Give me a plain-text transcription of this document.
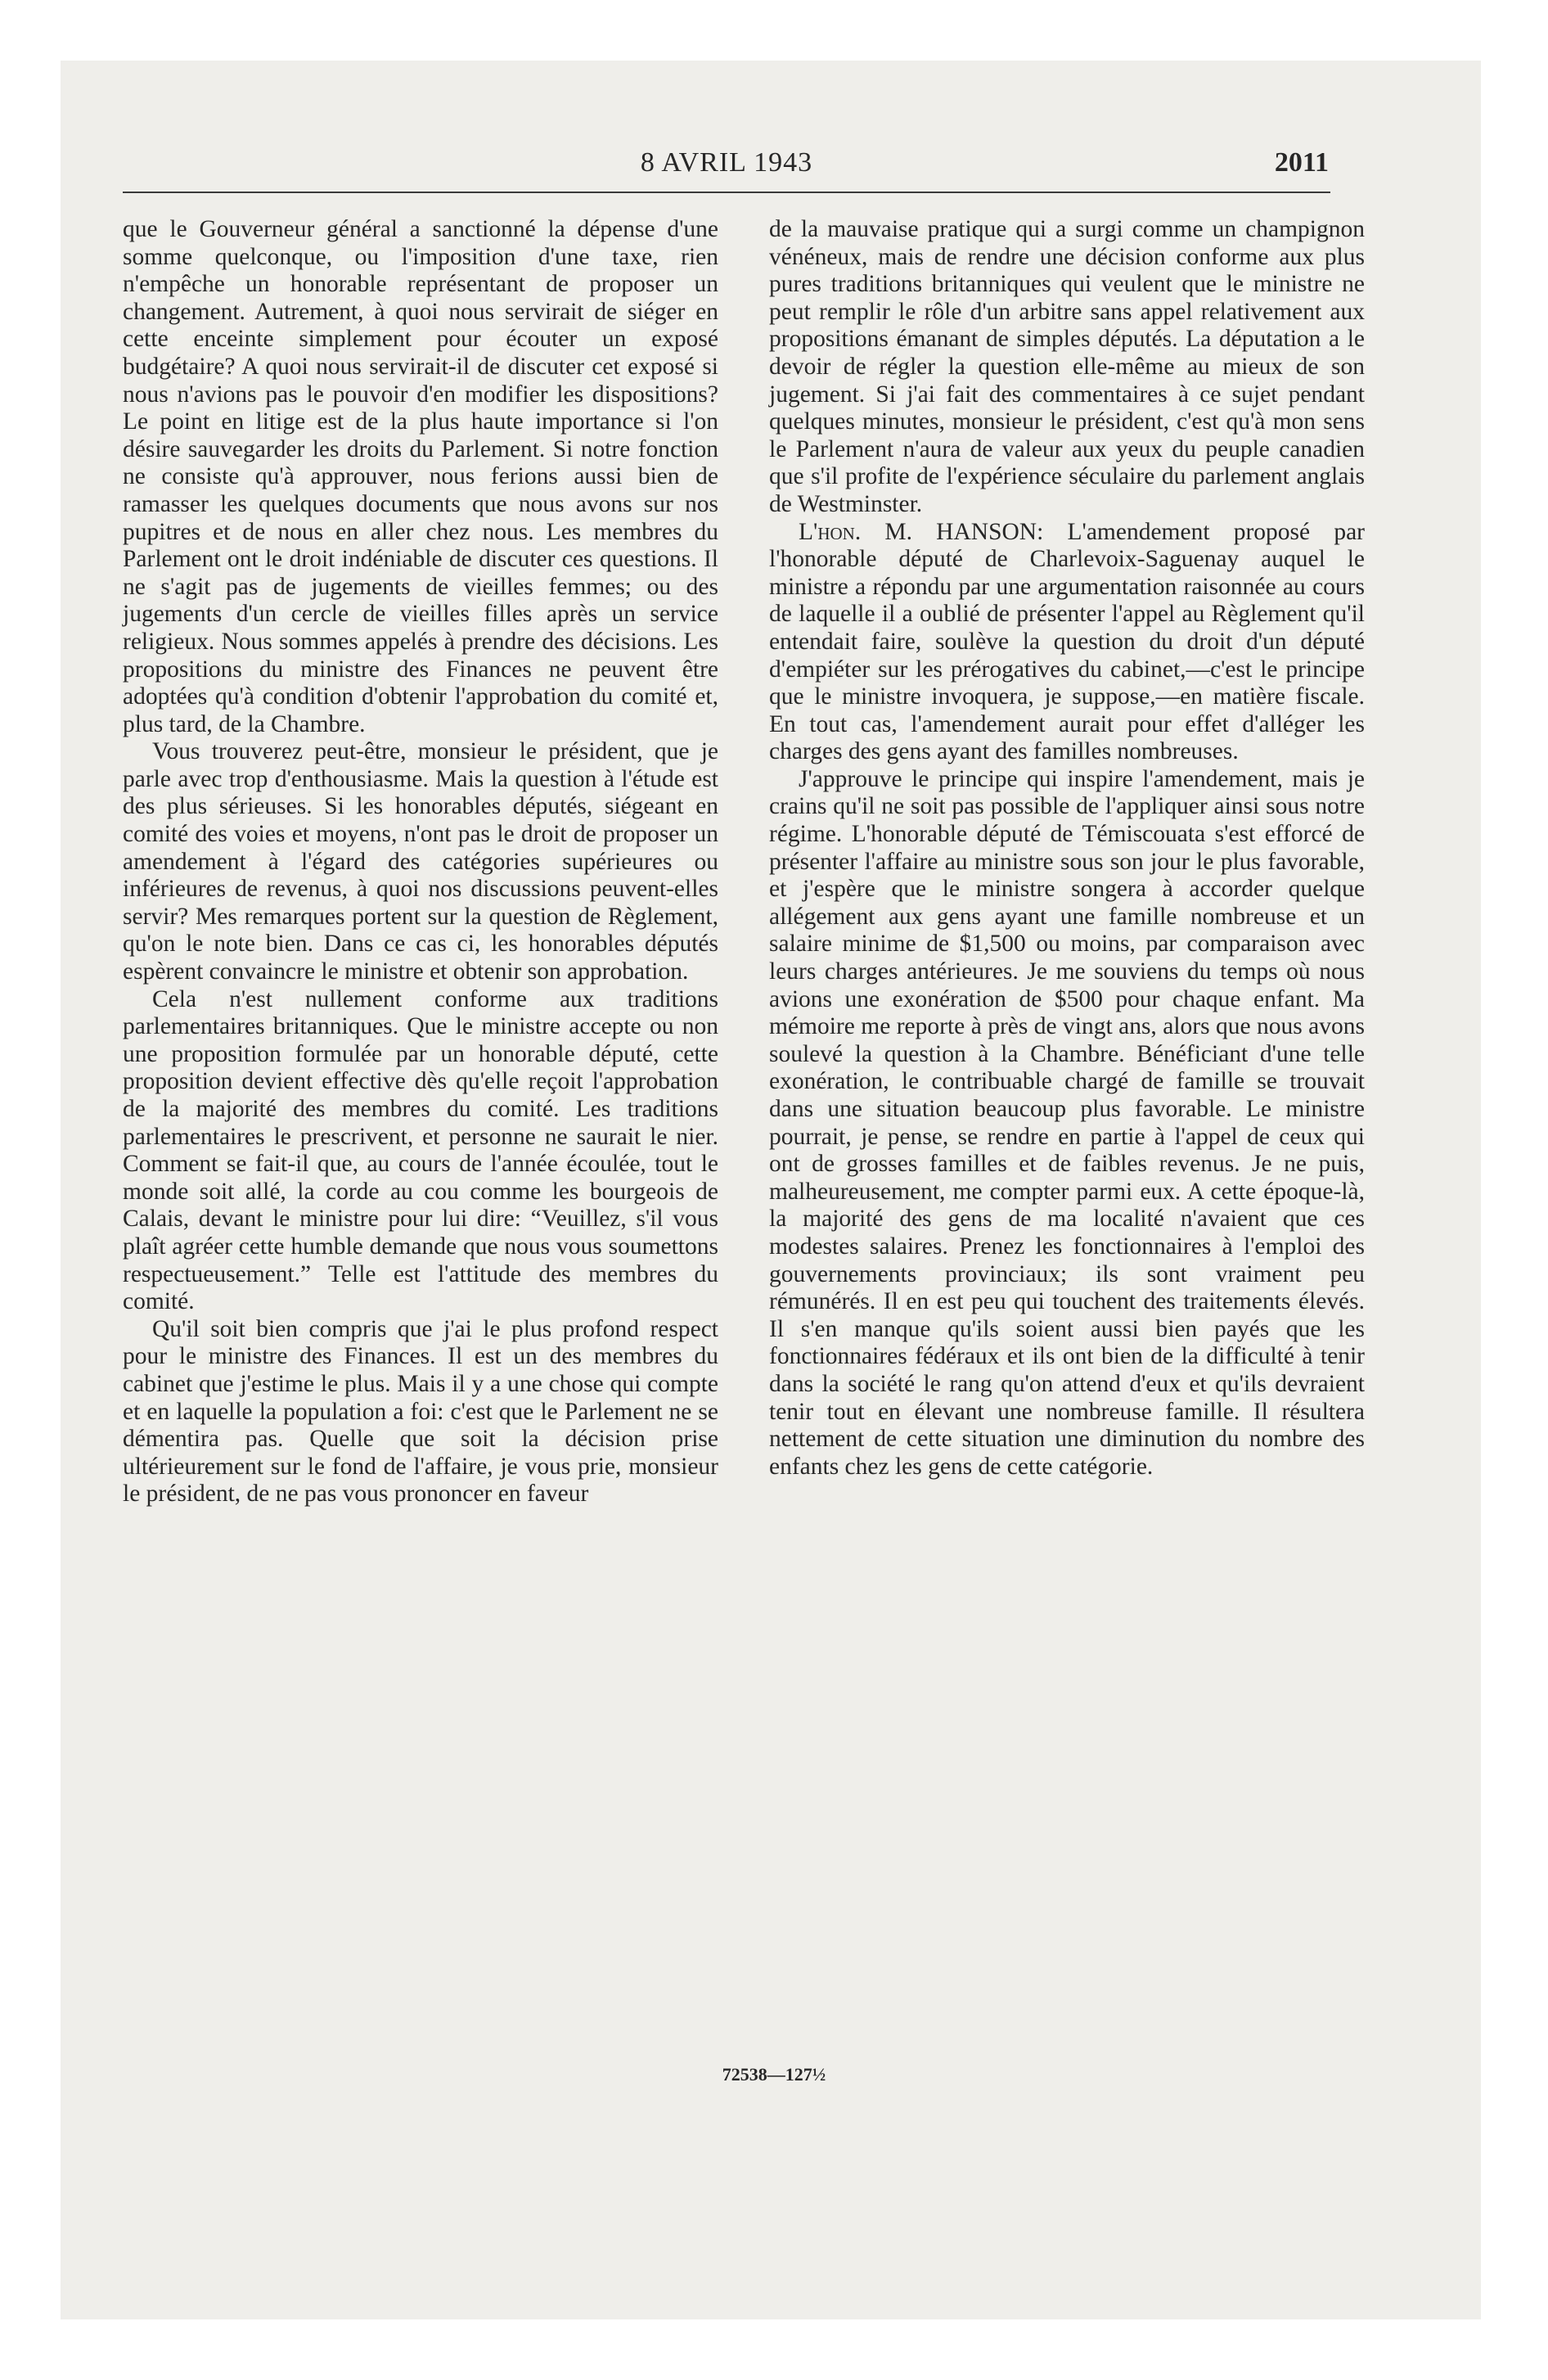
8 AVRIL 1943	2011

que le Gouverneur général a sanctionné la dépense d'une somme quelconque, ou l'imposition d'une taxe, rien n'empêche un honorable représentant de proposer un changement. Autrement, à quoi nous servirait de siéger en cette enceinte simplement pour écouter un exposé budgétaire? A quoi nous servirait-il de discuter cet exposé si nous n'avions pas le pouvoir d'en modifier les dispositions? Le point en litige est de la plus haute importance si l'on désire sauvegarder les droits du Parlement. Si notre fonction ne consiste qu'à approuver, nous ferions aussi bien de ramasser les quelques documents que nous avons sur nos pupitres et de nous en aller chez nous. Les membres du Parlement ont le droit indéniable de discuter ces questions. Il ne s'agit pas de jugements de vieilles femmes; ou des jugements d'un cercle de vieilles filles après un service religieux. Nous sommes appelés à prendre des décisions. Les propositions du ministre des Finances ne peuvent être adoptées qu'à condition d'obtenir l'approbation du comité et, plus tard, de la Chambre.

Vous trouverez peut-être, monsieur le président, que je parle avec trop d'enthousiasme. Mais la question à l'étude est des plus sérieuses. Si les honorables députés, siégeant en comité des voies et moyens, n'ont pas le droit de proposer un amendement à l'égard des catégories supérieures ou inférieures de revenus, à quoi nos discussions peuvent-elles servir? Mes remarques portent sur la question de Règlement, qu'on le note bien. Dans ce cas ci, les honorables députés espèrent convaincre le ministre et obtenir son approbation.

Cela n'est nullement conforme aux traditions parlementaires britanniques. Que le ministre accepte ou non une proposition formulée par un honorable député, cette proposition devient effective dès qu'elle reçoit l'approbation de la majorité des membres du comité. Les traditions parlementaires le prescrivent, et personne ne saurait le nier. Comment se fait-il que, au cours de l'année écoulée, tout le monde soit allé, la corde au cou comme les bourgeois de Calais, devant le ministre pour lui dire: “Veuillez, s'il vous plaît agréer cette humble demande que nous vous soumettons respectueusement.” Telle est l'attitude des membres du comité.

Qu'il soit bien compris que j'ai le plus profond respect pour le ministre des Finances. Il est un des membres du cabinet que j'estime le plus. Mais il y a une chose qui compte et en laquelle la population a foi: c'est que le Parlement ne se démentira pas. Quelle que soit la décision prise ultérieurement sur le fond de l'affaire, je vous prie, monsieur le président, de ne pas vous prononcer en faveur

de la mauvaise pratique qui a surgi comme un champignon vénéneux, mais de rendre une décision conforme aux plus pures traditions britanniques qui veulent que le ministre ne peut remplir le rôle d'un arbitre sans appel relativement aux propositions émanant de simples députés. La députation a le devoir de régler la question elle-même au mieux de son jugement. Si j'ai fait des commentaires à ce sujet pendant quelques minutes, monsieur le président, c'est qu'à mon sens le Parlement n'aura de valeur aux yeux du peuple canadien que s'il profite de l'expérience séculaire du parlement anglais de Westminster.

L'hon. M. HANSON: L'amendement proposé par l'honorable député de Charlevoix-Saguenay auquel le ministre a répondu par une argumentation raisonnée au cours de laquelle il a oublié de présenter l'appel au Règlement qu'il entendait faire, soulève la question du droit d'un député d'empiéter sur les prérogatives du cabinet,—c'est le principe que le ministre invoquera, je suppose,—en matière fiscale. En tout cas, l'amendement aurait pour effet d'alléger les charges des gens ayant des familles nombreuses.

J'approuve le principe qui inspire l'amendement, mais je crains qu'il ne soit pas possible de l'appliquer ainsi sous notre régime. L'honorable député de Témiscouata s'est efforcé de présenter l'affaire au ministre sous son jour le plus favorable, et j'espère que le ministre songera à accorder quelque allégement aux gens ayant une famille nombreuse et un salaire minime de $1,500 ou moins, par comparaison avec leurs charges antérieures. Je me souviens du temps où nous avions une exonération de $500 pour chaque enfant. Ma mémoire me reporte à près de vingt ans, alors que nous avons soulevé la question à la Chambre. Bénéficiant d'une telle exonération, le contribuable chargé de famille se trouvait dans une situation beaucoup plus favorable. Le ministre pourrait, je pense, se rendre en partie à l'appel de ceux qui ont de grosses familles et de faibles revenus. Je ne puis, malheureusement, me compter parmi eux. A cette époque-là, la majorité des gens de ma localité n'avaient que ces modestes salaires. Prenez les fonctionnaires à l'emploi des gouvernements provinciaux; ils sont vraiment peu rémunérés. Il en est peu qui touchent des traitements élevés. Il s'en manque qu'ils soient aussi bien payés que les fonctionnaires fédéraux et ils ont bien de la difficulté à tenir dans la société le rang qu'on attend d'eux et qu'ils devraient tenir tout en élevant une nombreuse famille. Il résultera nettement de cette situation une diminution du nombre des enfants chez les gens de cette catégorie.

72538—127½
